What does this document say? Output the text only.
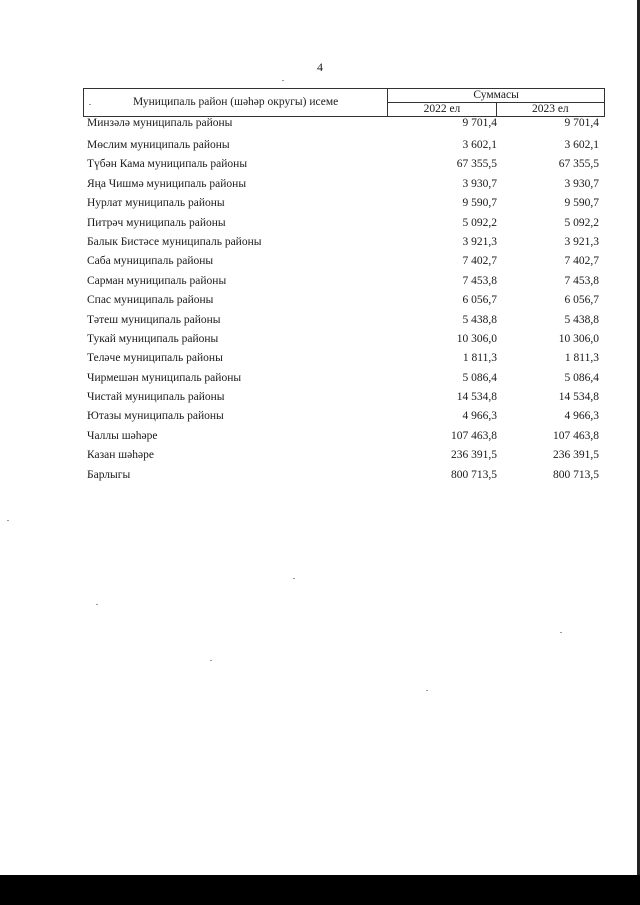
4
Муниципаль район (шәһәр округы) исеме	Суммасы	
	2022 ел	2023 ел
Минзәлә муниципаль районы	9 701,4	9 701,4
Мөслим муниципаль районы	3 602,1	3 602,1
Түбән Кама муниципаль районы	67 355,5	67 355,5
Яңа Чишмә муниципаль районы	3 930,7	3 930,7
Нурлат муниципаль районы	9 590,7	9 590,7
Питрәч муниципаль районы	5 092,2	5 092,2
Балык Бистәсе муниципаль районы	3 921,3	3 921,3
Саба муниципаль районы	7 402,7	7 402,7
Сарман муниципаль районы	7 453,8	7 453,8
Спас муниципаль районы	6 056,7	6 056,7
Тәтеш муниципаль районы	5 438,8	5 438,8
Тукай муниципаль районы	10 306,0	10 306,0
Теләче муниципаль районы	1 811,3	1 811,3
Чирмешән муниципаль районы	5 086,4	5 086,4
Чистай муниципаль районы	14 534,8	14 534,8
Ютазы муниципаль районы	4 966,3	4 966,3
Чаллы шәһәре	107 463,8	107 463,8
Казан шәһәре	236 391,5	236 391,5
Барлыгы	800 713,5	800 713,5
